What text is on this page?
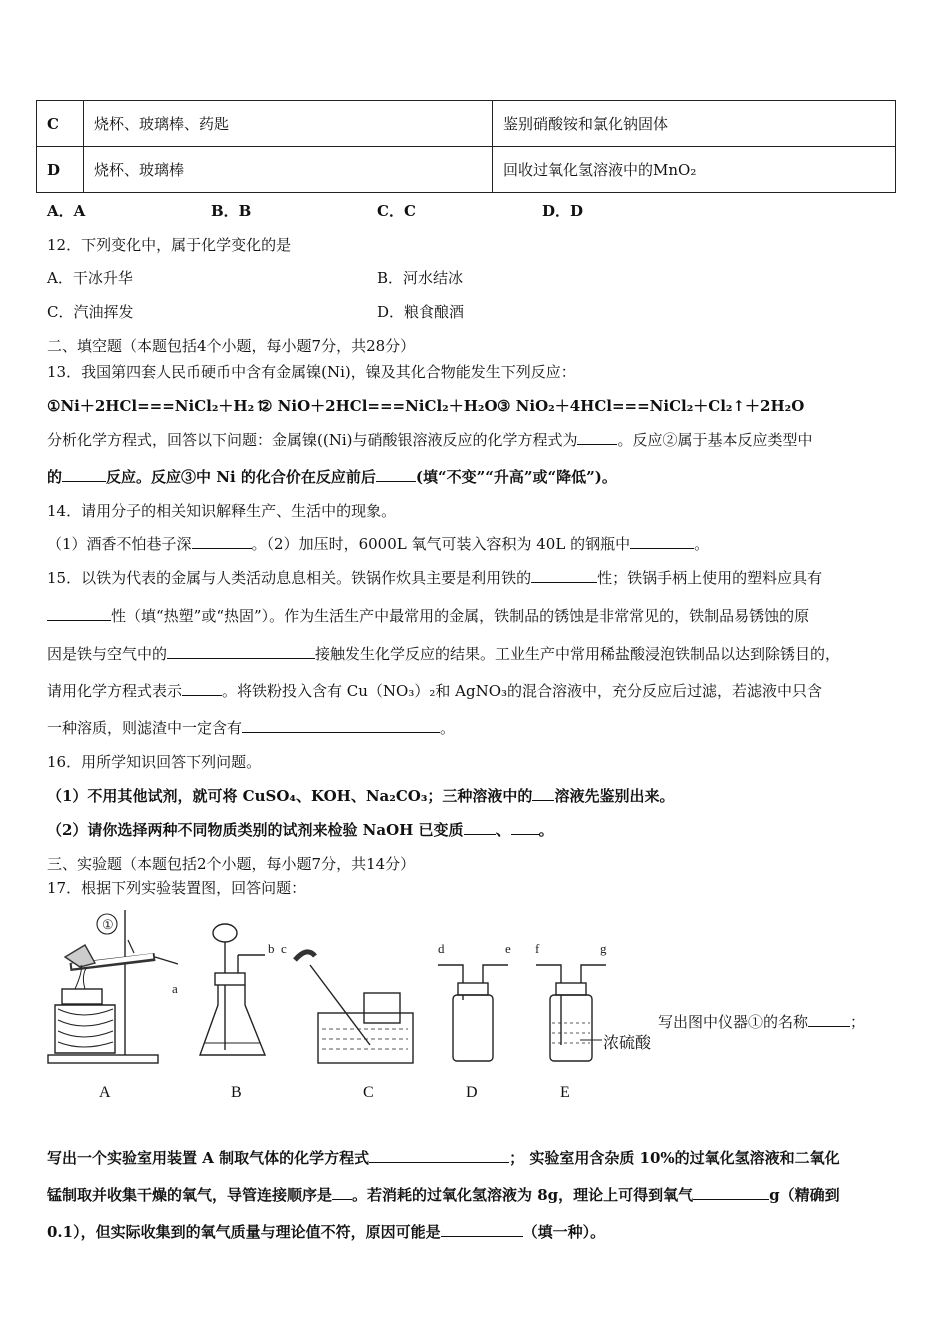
C	烧杯、玻璃棒、药匙	鉴别硝酸铵和氯化钠固体
D	烧杯、玻璃棒	回收过氧化氢溶液中的MnO₂
A．A	B．B	C．C	D．D
12．下列变化中，属于化学变化的是
A．干冰升华	B．河水结冰
C．汽油挥发	D．粮食酿酒
二、填空题（本题包括4个小题，每小题7分，共28分）
13．我国第四套人民币硬币中含有金属镍(Ni)，镍及其化合物能发生下列反应：
①Ni＋2HCl===NiCl₂＋H₂↑
② NiO＋2HCl===NiCl₂＋H₂O ③ NiO₂＋4HCl===NiCl₂＋Cl₂↑＋2H₂O
分析化学方程式，回答以下问题：金属镍((Ni)与硝酸银溶液反应的化学方程式为	。反应②属于基本反应类型中
的	反应。反应③中 Ni 的化合价在反应前后	(填“不变”“升高”或“降低”)。
14．请用分子的相关知识解释生产、生活中的现象。
（1）酒香不怕巷子深	。（2）加压时，6000L 氧气可装入容积为 40L 的钢瓶中	。
15．以铁为代表的金属与人类活动息息相关。铁锅作炊具主要是利用铁的	性；铁锅手柄上使用的塑料应具有
性（填“热塑”或“热固”）。作为生活生产中最常用的金属，铁制品的锈蚀是非常常见的，铁制品易锈蚀的原
因是铁与空气中的	接触发生化学反应的结果。工业生产中常用稀盐酸浸泡铁制品以达到除锈目的，
请用化学方程式表示	。将铁粉投入含有 Cu（NO₃）₂和 AgNO₃的混合溶液中，充分反应后过滤，若滤液中只含
一种溶质，则滤渣中一定含有	。
16．用所学知识回答下列问题。
（1）不用其他试剂，就可将 CuSO₄、KOH、Na₂CO₃；三种溶液中的 溶液先鉴别出来。
（2）请你选择两种不同物质类别的试剂来检验 NaOH 已变质 、 。
三、实验题（本题包括2个小题，每小题7分，共14分）
17．根据下列实验装置图，回答问题：
①
a
b c	d	e f	g
浓硫酸
A	B	C	D	E
写出图中仪器①的名称	；
写出一个实验室用装置 A 制取气体的化学方程式	； 实验室用含杂质 10%的过氧化氢溶液和二氧化
锰制取并收集干燥的氧气，导管连接顺序是 。若消耗的过氧化氢溶液为 8g，理论上可得到氧气	g（精确到
0.1），但实际收集到的氧气质量与理论值不符，原因可能是	（填一种）。
